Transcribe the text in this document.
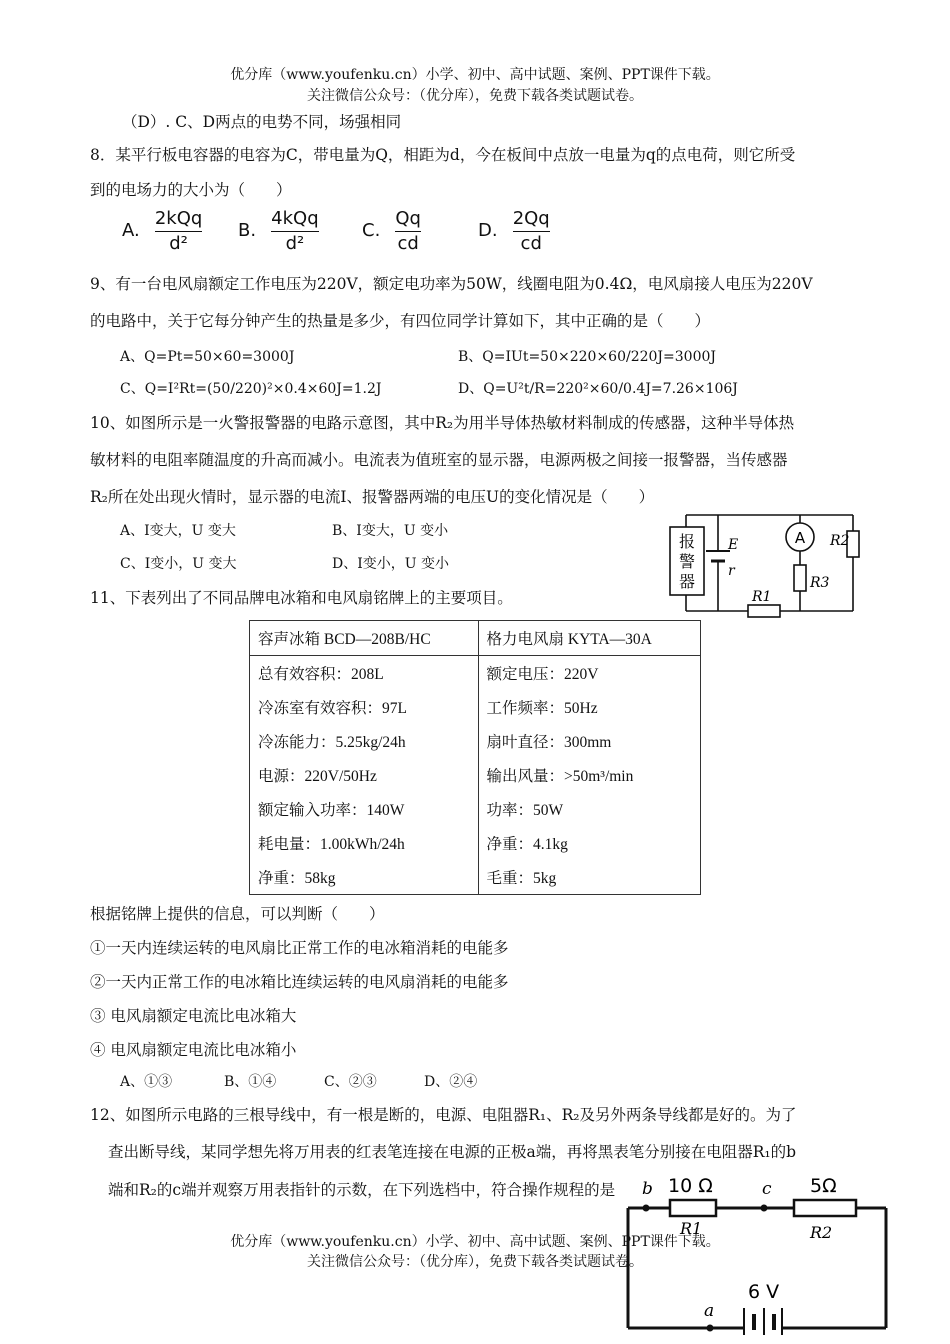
优分库（www.youfenku.cn）小学、初中、高中试题、案例、PPT课件下载。
关注微信公众号：（优分库），免费下载各类试题试卷。
（D）. C、D两点的电势不同，场强相同
8．某平行板电容器的电容为C，带电量为Q，相距为d，今在板间中点放一电量为q的点电荷，则它所受
到的电场力的大小为（　　）
A. $\frac{\text{2kQq}}{\text{d²}} B$. $\frac{\text{4kQq}}{\text{d²}} C$. $\frac{Qq}{cd}$	D. $\frac{2Qq}{cd}$
9、有一台电风扇额定工作电压为220V，额定电功率为50W，线圈电阻为0.4Ω，电风扇接人电压为220V
的电路中，关于它每分钟产生的热量是多少，有四位同学计算如下，其中正确的是（　　）
A、Q=Pt=50×60=3000J	B、Q=IUt=50×220×60/220J=3000J
C、Q=I²Rt=(50/220)²×0.4×60J=1.2J	D、Q=U²t/R=220²×60/0.4J=7.26×106J
10、如图所示是一火警报警器的电路示意图，其中R₂为用半导体热敏材料制成的传感器，这种半导体热
敏材料的电阻率随温度的升高而减小。电流表为值班室的显示器，电源两极之间接一报警器，当传感器
R₂所在处出现火情时，显示器的电流I、报警器两端的电压U的变化情况是（　　）
A、I变大，U 变大	B、I变大，U 变小
C、I变小，U 变大	D、I变小，U 变小
报
警
器
A
E
r
R2
R3
R1
11、下表列出了不同品牌电冰箱和电风扇铭牌上的主要项目。
容声冰箱 BCD—208B/HC	格力电风扇 KYTA—30A
总有效容积：208L	额定电压：220V
冷冻室有效容积：97L	工作频率：50Hz
冷冻能力：5.25kg/24h	扇叶直径：300mm
电源：220V/50Hz	输出风量：>50m³/min
额定输入功率：140W	功率：50W
耗电量：1.00kWh/24h	净重：4.1kg
净重：58kg	毛重：5kg
根据铭牌上提供的信息，可以判断（　　）
①一天内连续运转的电风扇比正常工作的电冰箱消耗的电能多
②一天内正常工作的电冰箱比连续运转的电风扇消耗的电能多
③ 电风扇额定电流比电冰箱大
④ 电风扇额定电流比电冰箱小
A、①③	B、①④	C、②③	D、②④
12、如图所示电路的三根导线中，有一根是断的，电源、电阻器R₁、R₂及另外两条导线都是好的。为了
查出断导线，某同学想先将万用表的红表笔连接在电源的正极a端，再将黑表笔分别接在电阻器R₁的b
端和R₂的c端并观察万用表指针的示数，在下列选档中，符合操作规程的是	10 Ω	5Ω
R1	R2
6 V
a
b	c
优分库（www.youfenku.cn）小学、初中、高中试题、案例、PPT课件下载。
关注微信公众号：（优分库），免费下载各类试题试卷。
